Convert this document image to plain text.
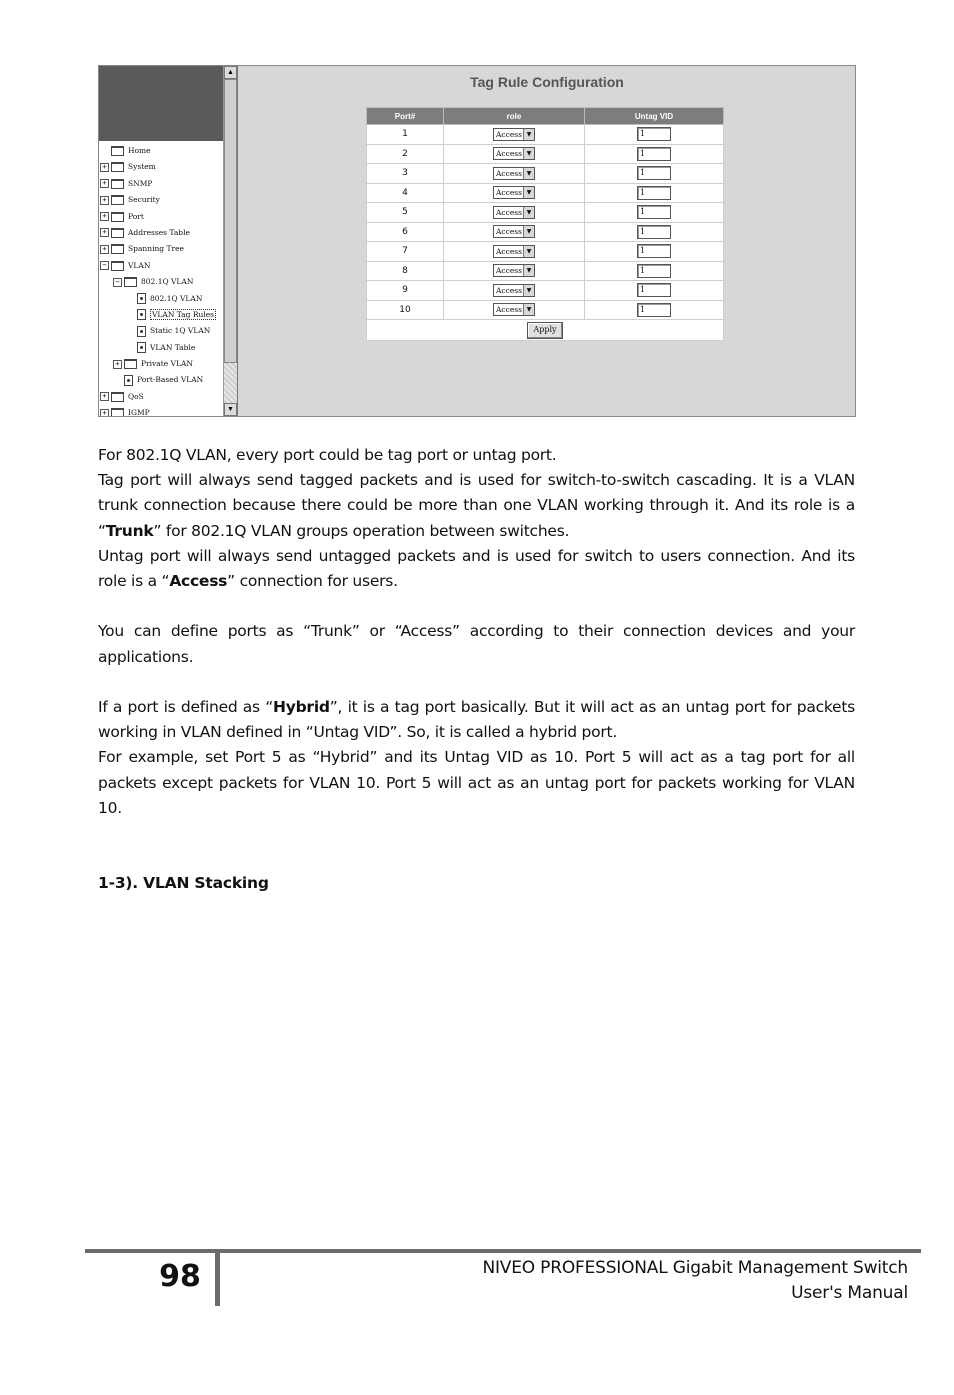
Home
+	System
+	SNMP
+	Security
+	Port
+	Addresses Table
+	Spanning Tree
−	VLAN
−	802.1Q VLAN
802.1Q VLAN
VLAN Tag Rules
Static 1Q VLAN
VLAN Table
+	Private VLAN
Port-Based VLAN
+	QoS
+	IGMP
▲
▼
Tag Rule Configuration
Port#	role	Untag VID
1	Access ▼	1
2	Access ▼	1
3	Access ▼	1
4	Access ▼	1
5	Access ▼	1
6	Access ▼	1
7	Access ▼	1
8	Access ▼	1
9	Access ▼	1
10	Access ▼	1
Apply		

For 802.1Q VLAN, every port could be tag port or untag port.

Tag port will always send tagged packets and is used for switch-to-switch cascading. It is a VLAN trunk connection because there could be more than one VLAN working through it. And its role is a “Trunk” for 802.1Q VLAN groups operation between switches.

Untag port will always send untagged packets and is used for switch to users connection. And its role is a “Access” connection for users.

You can define ports as “Trunk” or “Access” according to their connection devices and your applications.

If a port is defined as “Hybrid”, it is a tag port basically. But it will act as an untag port for packets working in VLAN defined in “Untag VID”. So, it is called a hybrid port.

For example, set Port 5 as “Hybrid” and its Untag VID as 10. Port 5 will act as a tag port for all packets except packets for VLAN 10. Port 5 will act as an untag port for packets working for VLAN 10.

1-3). VLAN Stacking
98	NIVEO PROFESSIONAL Gigabit Management Switch
User's Manual
